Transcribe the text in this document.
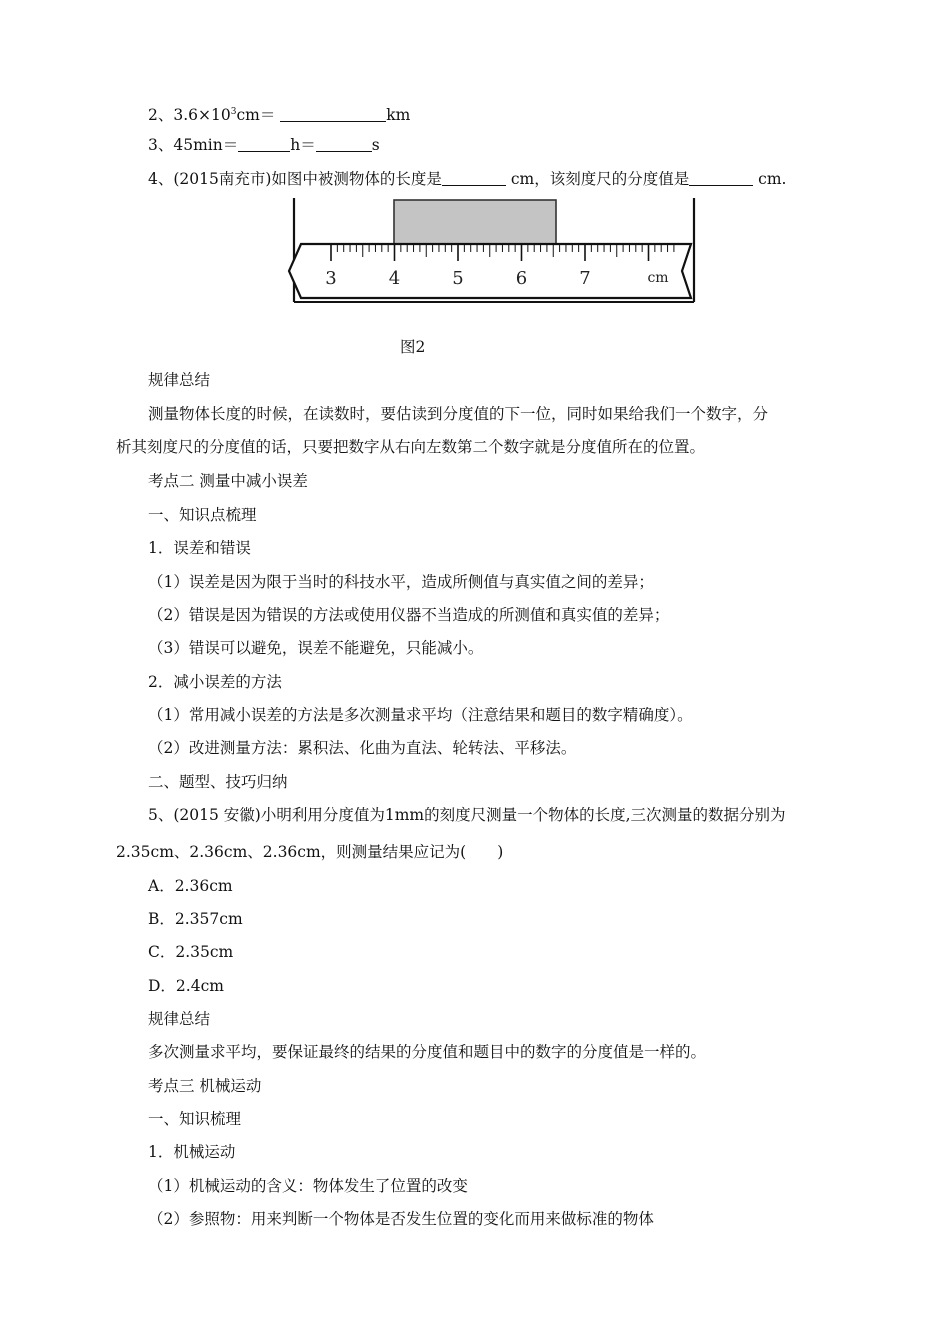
2、$3.6\times 10^3cm=$	km
3、45min＝	h＝	s
4、(2015南充市)如图中被测物体的长度是	cm，该刻度尺的分度值是	cm.
3	4	5	6	7	cm
图2
规律总结
测量物体长度的时候，在读数时，要估读到分度值的下一位，同时如果给我们一个数字，分
析其刻度尺的分度值的话，只要把数字从右向左数第二个数字就是分度值所在的位置。
考点二 测量中减小误差
一、知识点梳理
1．误差和错误
（1）误差是因为限于当时的科技水平，造成所侧值与真实值之间的差异；
（2）错误是因为错误的方法或使用仪器不当造成的所测值和真实值的差异；
（3）错误可以避免，误差不能避免，只能减小。
2．减小误差的方法
（1）常用减小误差的方法是多次测量求平均（注意结果和题目的数字精确度）。
（2）改进测量方法：累积法、化曲为直法、轮转法、平移法。
二、题型、技巧归纳
5、(2015 安徽)小明利用分度值为1mm的刻度尺测量一个物体的长度,三次测量的数据分别为
2.35cm、2.36cm、2.36cm，则测量结果应记为(　　)
A．2.36cm
B．2.357cm
C．2.35cm
D．2.4cm
规律总结
多次测量求平均，要保证最终的结果的分度值和题目中的数字的分度值是一样的。
考点三 机械运动
一、知识梳理
1．机械运动
（1）机械运动的含义：物体发生了位置的改变
（2）参照物：用来判断一个物体是否发生位置的变化而用来做标准的物体
